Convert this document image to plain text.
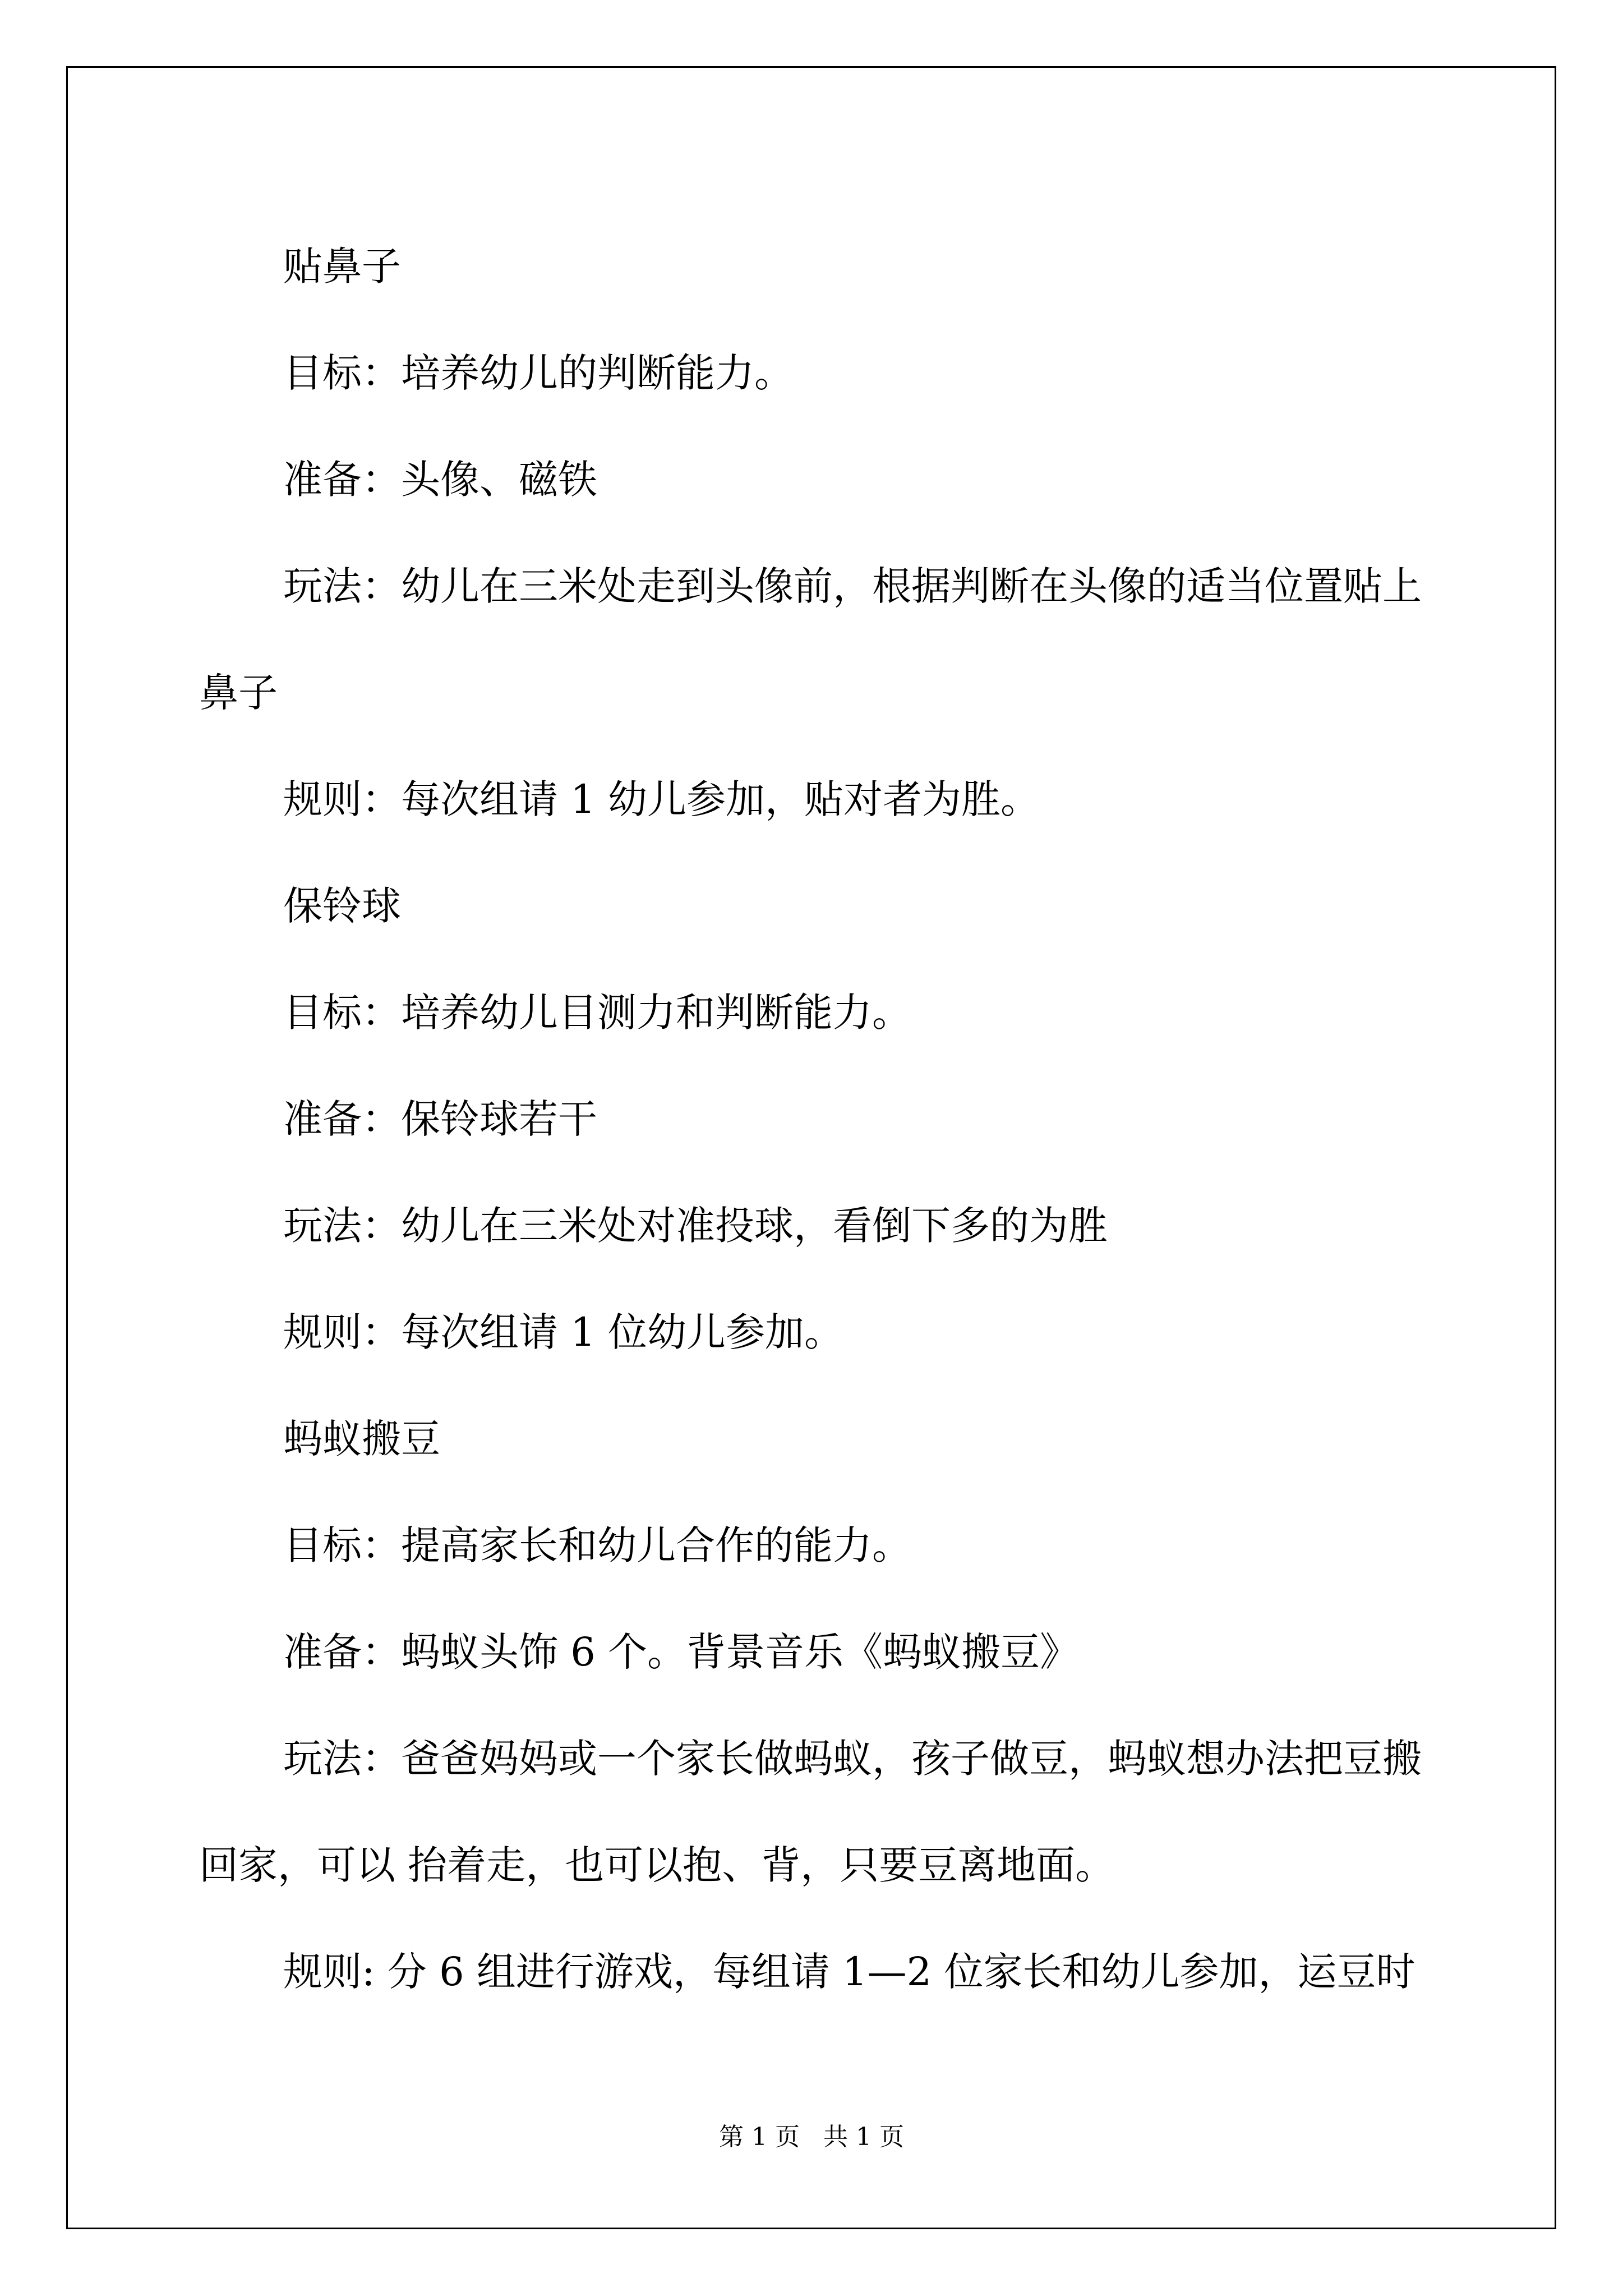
贴鼻子

目标：培养幼儿的判断能力。

准备：头像、磁铁

玩法：幼儿在三米处走到头像前，根据判断在头像的适当位置贴上鼻子

规则：每次组请 1 幼儿参加，贴对者为胜。

保铃球

目标：培养幼儿目测力和判断能力。

准备：保铃球若干

玩法：幼儿在三米处对准投球，看倒下多的为胜

规则：每次组请 1 位幼儿参加。

蚂蚁搬豆

目标：提高家长和幼儿合作的能力。

准备：蚂蚁头饰 6 个。背景音乐《蚂蚁搬豆》

玩法：爸爸妈妈或一个家长做蚂蚁，孩子做豆，蚂蚁想办法把豆搬回家，可以 抬着走，也可以抱、背，只要豆离地面。

规则: 分 6 组进行游戏，每组请 1—2 位家长和幼儿参加，运豆时

第 1 页 共 1 页
